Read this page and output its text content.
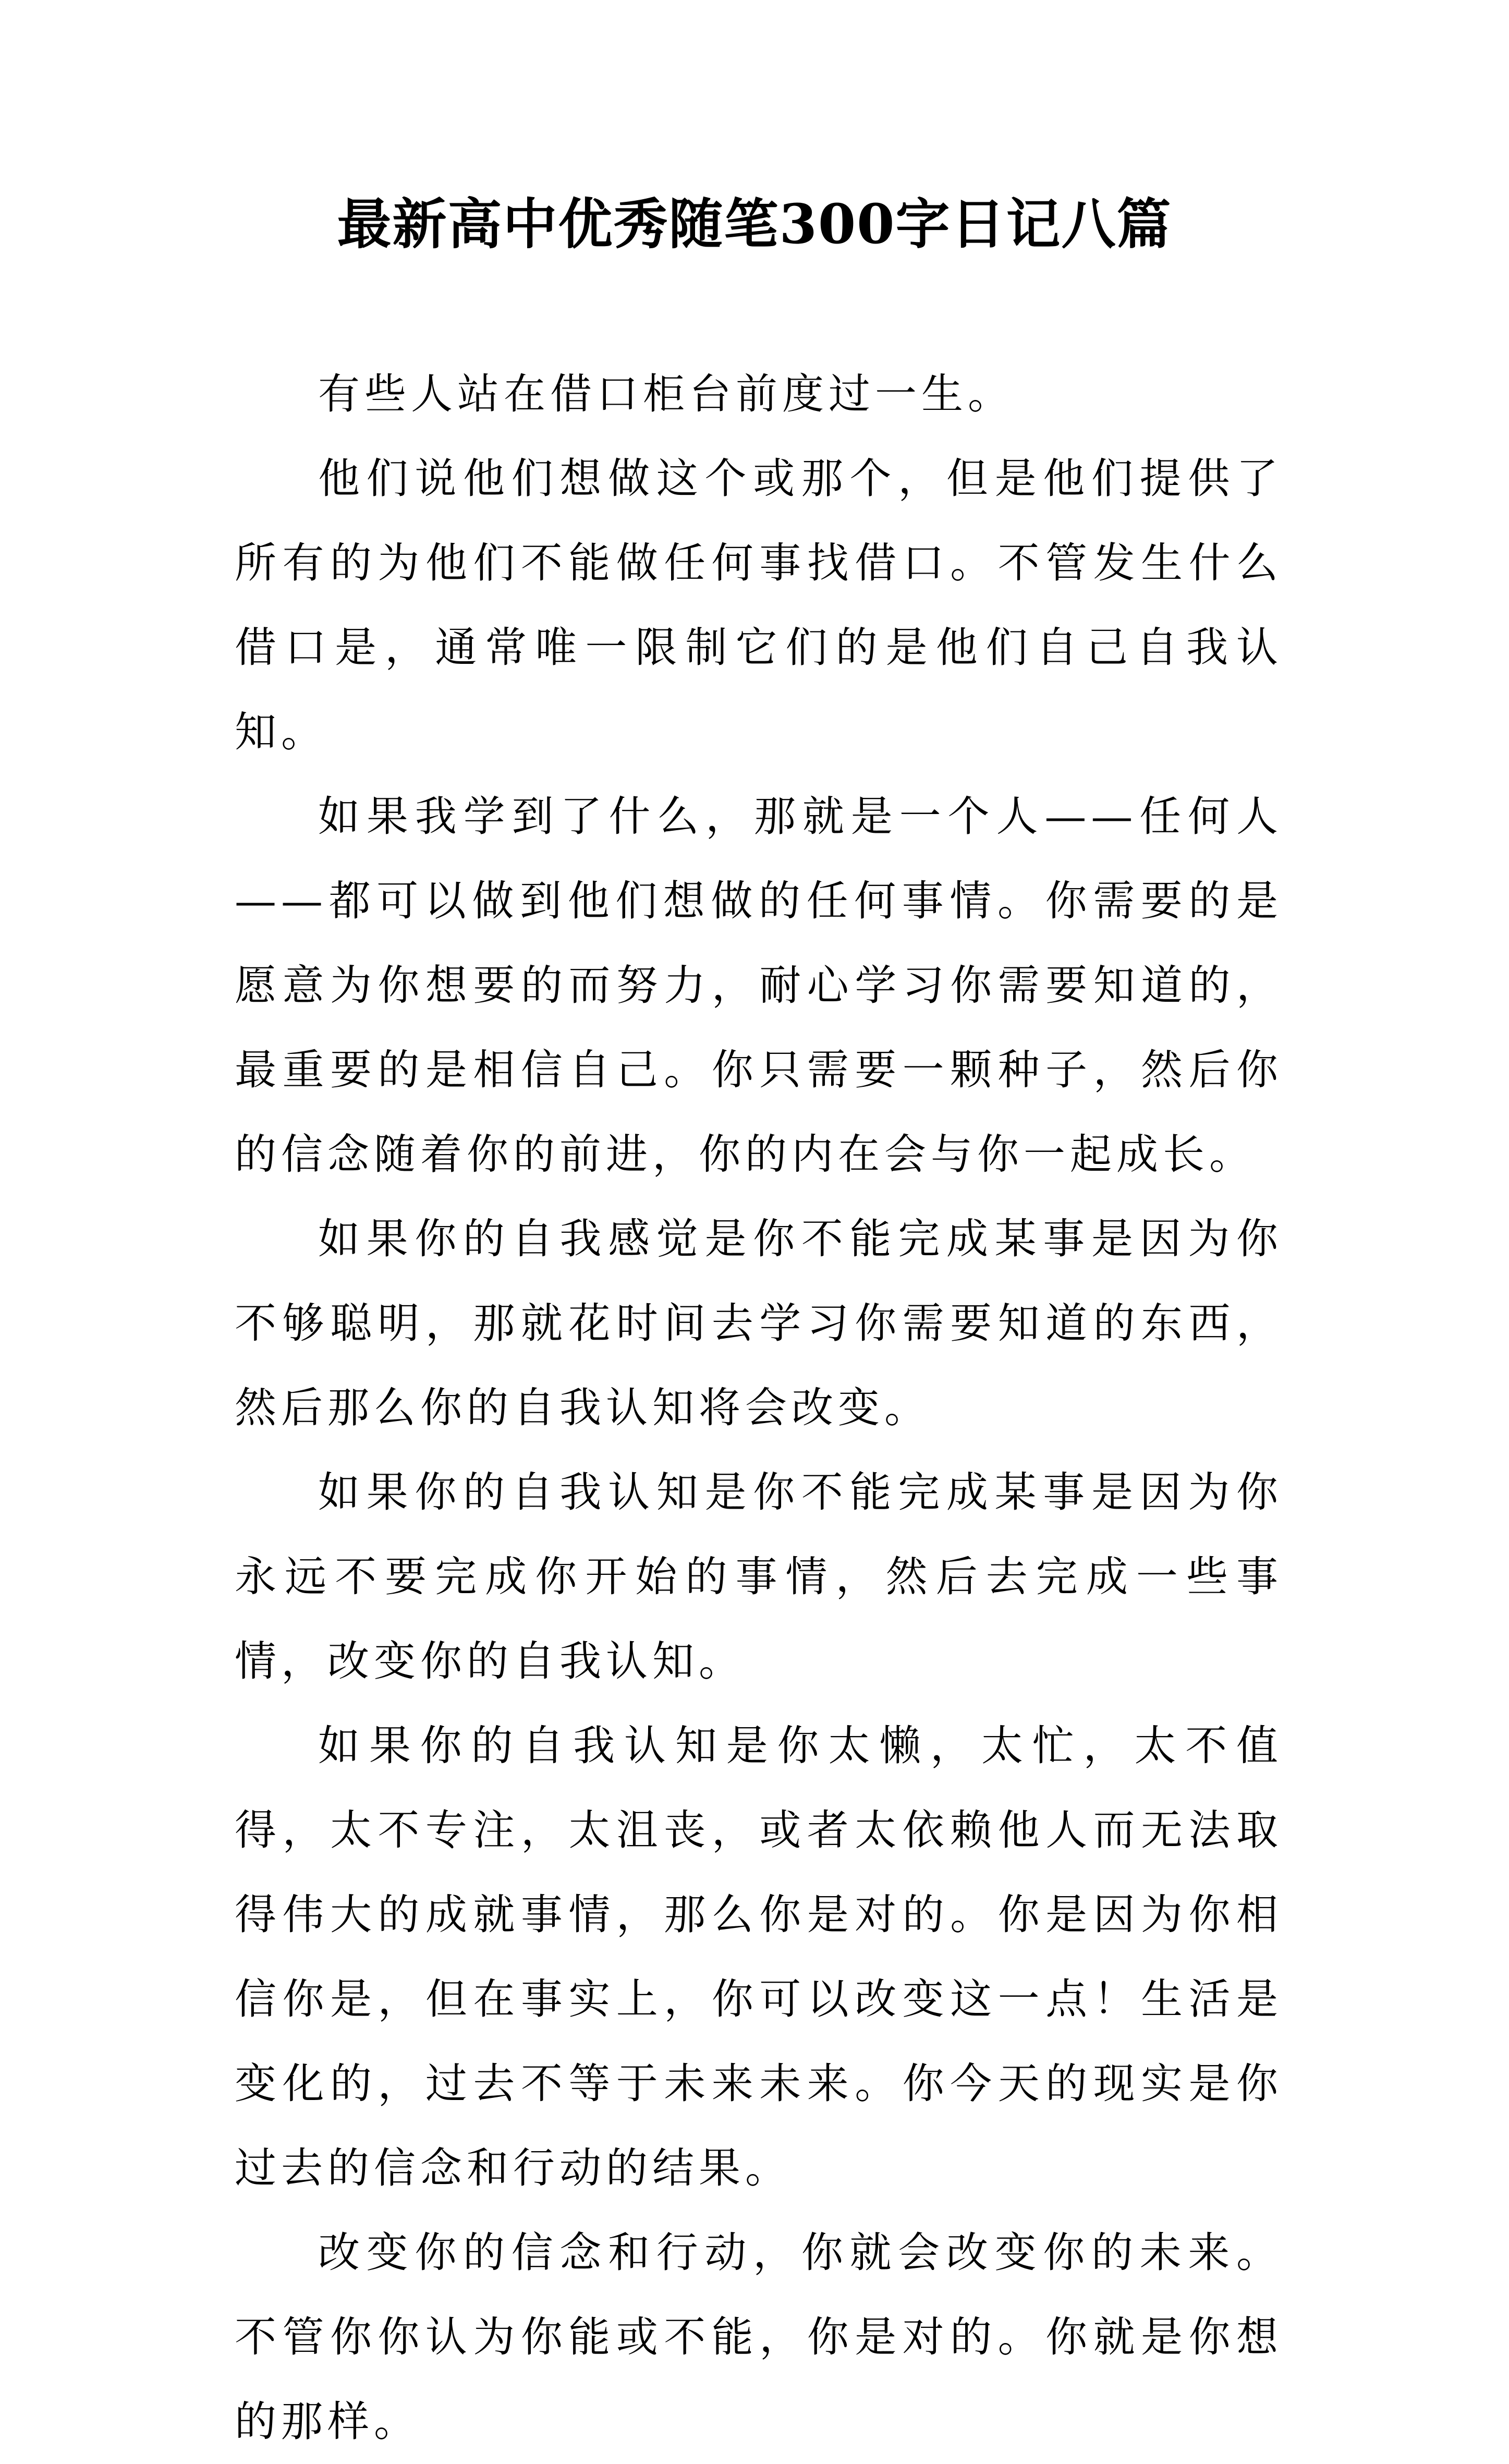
最新高中优秀随笔300字日记八篇

有些人站在借口柜台前度过一生。

他们说他们想做这个或那个，但是他们提供了所有的为他们不能做任何事找借口。不管发生什么借口是，通常唯一限制它们的是他们自己自我认知。

如果我学到了什么，那就是一个人——任何人——都可以做到他们想做的任何事情。你需要的是愿意为你想要的而努力，耐心学习你需要知道的，最重要的是相信自己。你只需要一颗种子，然后你的信念随着你的前进，你的内在会与你一起成长。

如果你的自我感觉是你不能完成某事是因为你不够聪明，那就花时间去学习你需要知道的东西，然后那么你的自我认知将会改变。

如果你的自我认知是你不能完成某事是因为你永远不要完成你开始的事情，然后去完成一些事情，改变你的自我认知。

如果你的自我认知是你太懒，太忙，太不值得，太不专注，太沮丧，或者太依赖他人而无法取得伟大的成就事情，那么你是对的。你是因为你相信你是，但在事实上，你可以改变这一点！生活是变化的，过去不等于未来未来。你今天的现实是你过去的信念和行动的结果。

改变你的信念和行动，你就会改变你的未来。不管你你认为你能或不能，你是对的。你就是你想的那样。
